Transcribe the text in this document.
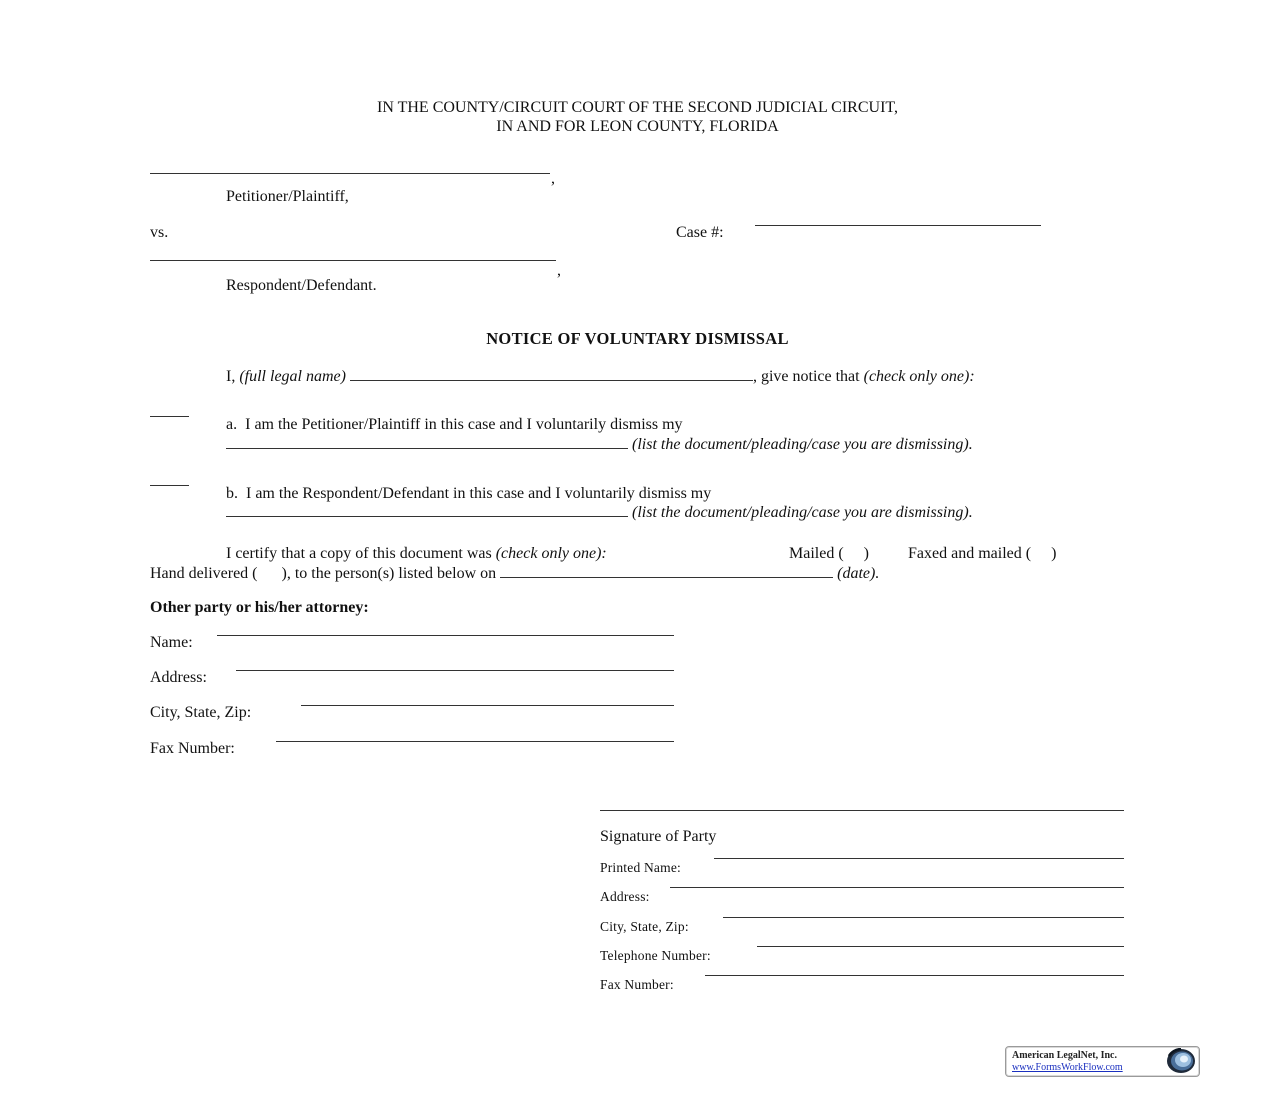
IN THE COUNTY/CIRCUIT COURT OF THE SECOND JUDICIAL CIRCUIT,
IN AND FOR LEON COUNTY, FLORIDA
,
Petitioner/Plaintiff,
vs.	Case #:
,
Respondent/Defendant.
NOTICE OF VOLUNTARY DISMISSAL
I, (full legal name)	, give notice that (check only one):
a. I am the Petitioner/Plaintiff in this case and I voluntarily dismiss my
(list the document/pleading/case you are dismissing).
b. I am the Respondent/Defendant in this case and I voluntarily dismiss my
(list the document/pleading/case you are dismissing).
I certify that a copy of this document was (check only one):	Mailed ( ) Faxed and mailed ( )
Hand delivered ( ), to the person(s) listed below on	(date).
Other party or his/her attorney:
Name:
Address:
City, State, Zip:
Fax Number:
Signature of Party
Printed Name:
Address:
City, State, Zip:
Telephone Number:
Fax Number:
American LegalNet, Inc.
www.FormsWorkFlow.com
